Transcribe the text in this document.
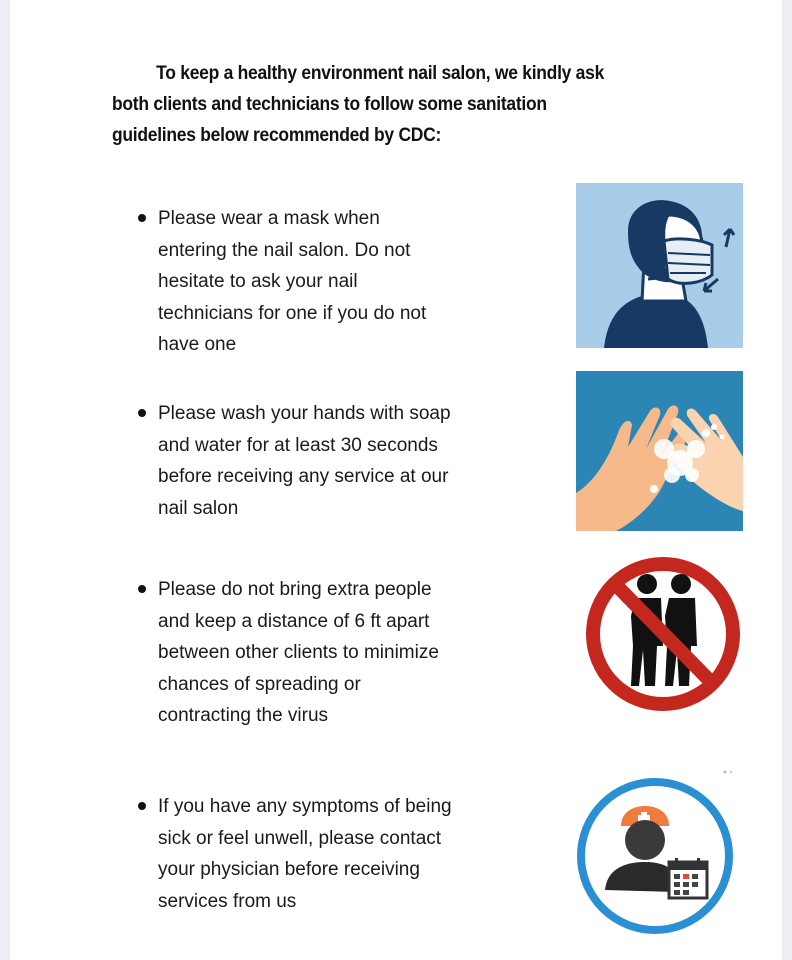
To keep a healthy environment nail salon, we kindly ask
both clients and technicians to follow some sanitation
guidelines below recommended by CDC:
Please wear a mask when
entering the nail salon. Do not
hesitate to ask your nail
technicians for one if you do not
have one
Please wash your hands with soap
and water for at least 30 seconds
before receiving any service at our
nail salon
Please do not bring extra people
and keep a distance of 6 ft apart
between other clients to minimize
chances of spreading or
contracting the virus
If you have any symptoms of being
sick or feel unwell, please contact
your physician before receiving
services from us
